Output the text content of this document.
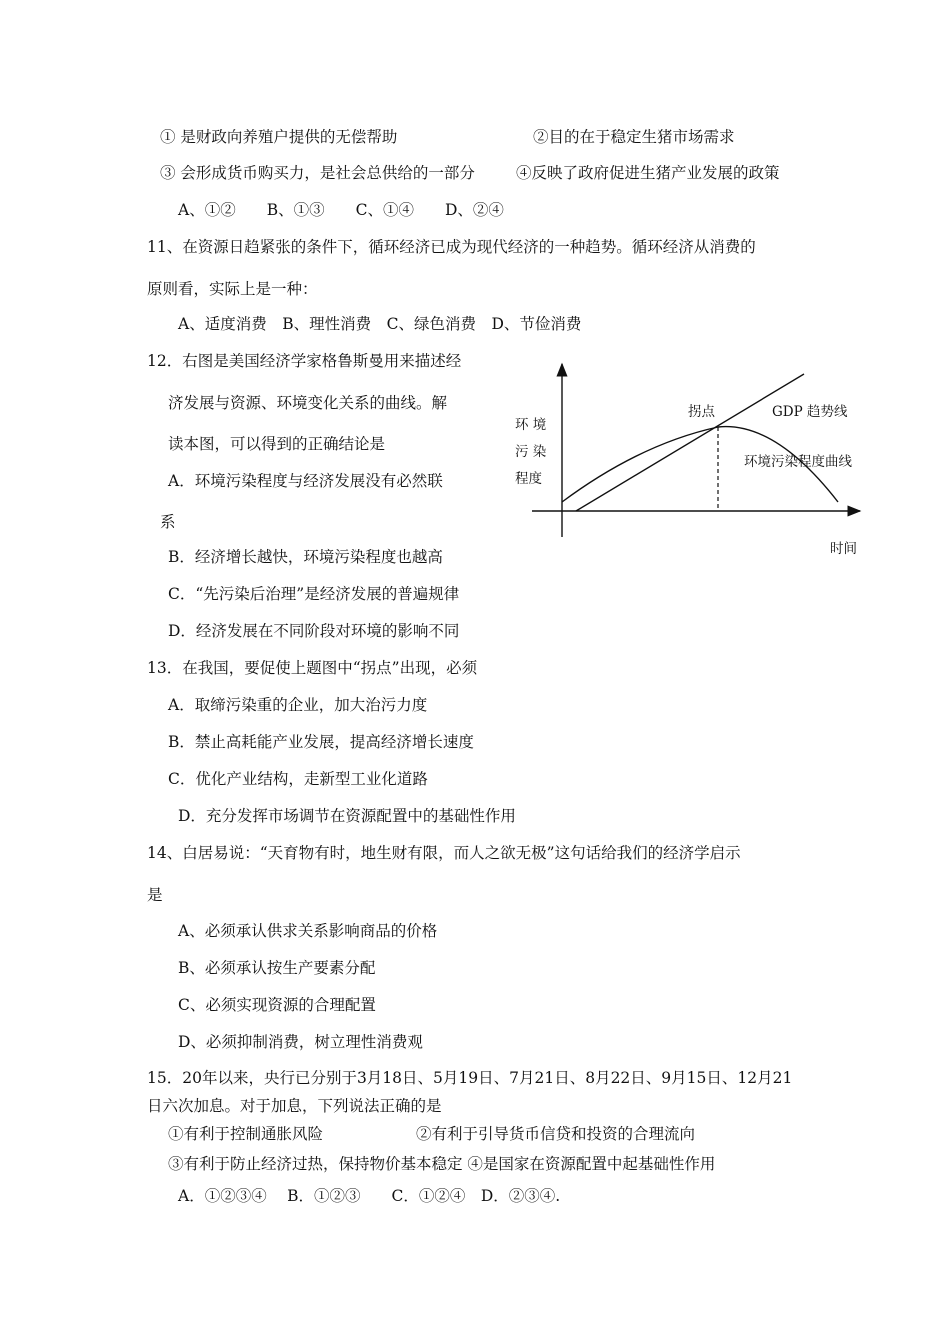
① 是财政向养殖户提供的无偿帮助	②目的在于稳定生猪市场需求
③ 会形成货币购买力，是社会总供给的一部分	④反映了政府促进生猪产业发展的政策
A、①②　　B、①③　　C、①④　　D、②④
11、在资源日趋紧张的条件下，循环经济已成为现代经济的一种趋势。循环经济从消费的
原则看，实际上是一种：
A、适度消费　B、理性消费　C、绿色消费　D、节俭消费
12．右图是美国经济学家格鲁斯曼用来描述经
济发展与资源、环境变化关系的曲线。解
读本图，可以得到的正确结论是
A．环境污染程度与经济发展没有必然联
系
B．经济增长越快，环境污染程度也越高
C．“先污染后治理”是经济发展的普遍规律
D．经济发展在不同阶段对环境的影响不同
环 境
污 染
程度
拐点	GDP 趋势线
环境污染程度曲线
时间
13．在我国，要促使上题图中“拐点”出现，必须
A．取缔污染重的企业，加大治污力度
B．禁止高耗能产业发展，提高经济增长速度
C．优化产业结构，走新型工业化道路
D．充分发挥市场调节在资源配置中的基础性作用
14、白居易说：“天育物有时，地生财有限，而人之欲无极”这句话给我们的经济学启示
是
A、必须承认供求关系影响商品的价格
B、必须承认按生产要素分配
C、必须实现资源的合理配置
D、必须抑制消费，树立理性消费观
15．20年以来，央行已分别于3月18日、5月19日、7月21日、8月22日、9月15日、12月21
日六次加息。对于加息，下列说法正确的是
①有利于控制通胀风险	②有利于引导货币信贷和投资的合理流向
③有利于防止经济过热，保持物价基本稳定 ④是国家在资源配置中起基础性作用
A．①②③④　 B．①②③　　C．①②④　D．②③④.
